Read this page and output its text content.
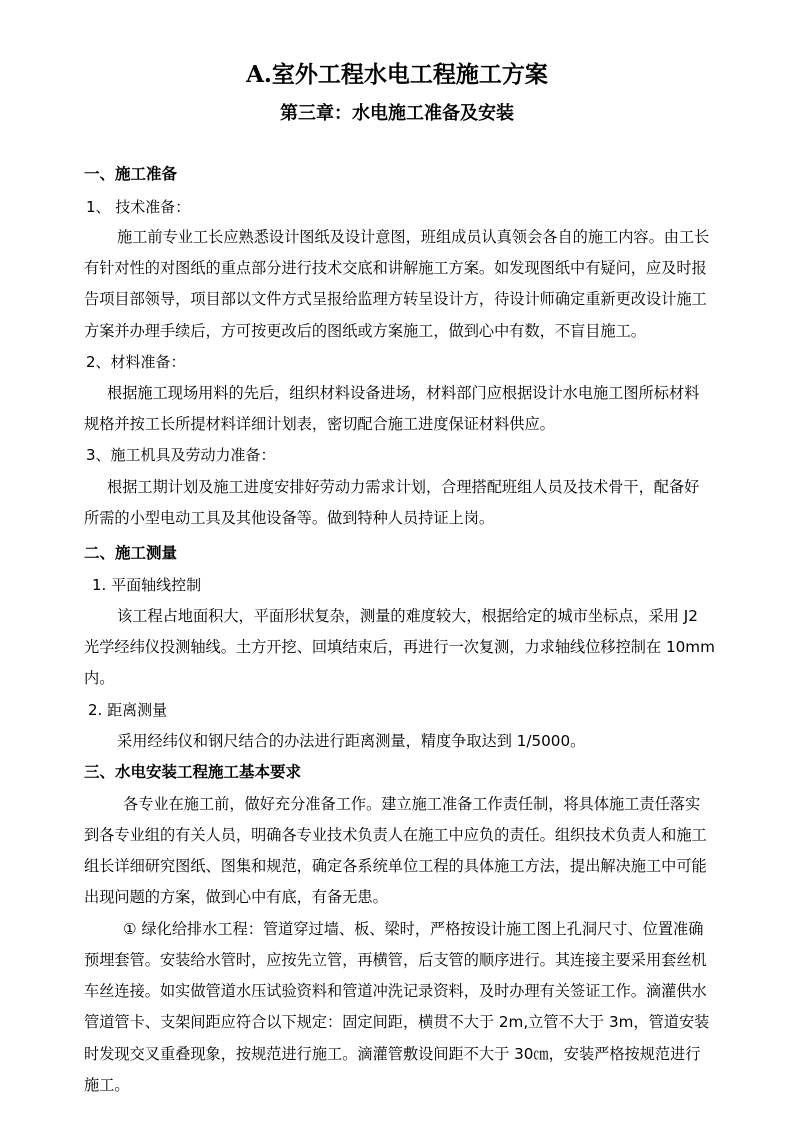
A.室外工程水电工程施工方案
第三章：水电施工准备及安装
一、施工准备
1、 技术准备：
施工前专业工长应熟悉设计图纸及设计意图，班组成员认真领会各自的施工内容。由工长
有针对性的对图纸的重点部分进行技术交底和讲解施工方案。如发现图纸中有疑问，应及时报
告项目部领导，项目部以文件方式呈报给监理方转呈设计方，待设计师确定重新更改设计施工
方案并办理手续后，方可按更改后的图纸或方案施工，做到心中有数，不盲目施工。
2、材料准备：
根据施工现场用料的先后，组织材料设备进场，材料部门应根据设计水电施工图所标材料
规格并按工长所提材料详细计划表，密切配合施工进度保证材料供应。
3、施工机具及劳动力准备：
根据工期计划及施工进度安排好劳动力需求计划，合理搭配班组人员及技术骨干，配备好
所需的小型电动工具及其他设备等。做到特种人员持证上岗。
二、施工测量
1. 平面轴线控制
该工程占地面积大，平面形状复杂，测量的难度较大，根据给定的城市坐标点，采用 J2
光学经纬仪投测轴线。土方开挖、回填结束后，再进行一次复测，力求轴线位移控制在 10mm
内。
2. 距离测量
采用经纬仪和钢尺结合的办法进行距离测量，精度争取达到 1/5000。
三、水电安装工程施工基本要求
各专业在施工前，做好充分准备工作。建立施工准备工作责任制，将具体施工责任落实
到各专业组的有关人员，明确各专业技术负责人在施工中应负的责任。组织技术负责人和施工
组长详细研究图纸、图集和规范，确定各系统单位工程的具体施工方法，提出解决施工中可能
出现问题的方案，做到心中有底，有备无患。
① 绿化给排水工程：管道穿过墙、板、梁时，严格按设计施工图上孔洞尺寸、位置准确
预埋套管。安装给水管时，应按先立管，再横管，后支管的顺序进行。其连接主要采用套丝机
车丝连接。如实做管道水压试验资料和管道冲洗记录资料，及时办理有关签证工作。滴灌供水
管道管卡、支架间距应符合以下规定：固定间距，横贯不大于 2m,立管不大于 3m，管道安装
时发现交叉重叠现象，按规范进行施工。滴灌管敷设间距不大于 30㎝，安装严格按规范进行
施工。
